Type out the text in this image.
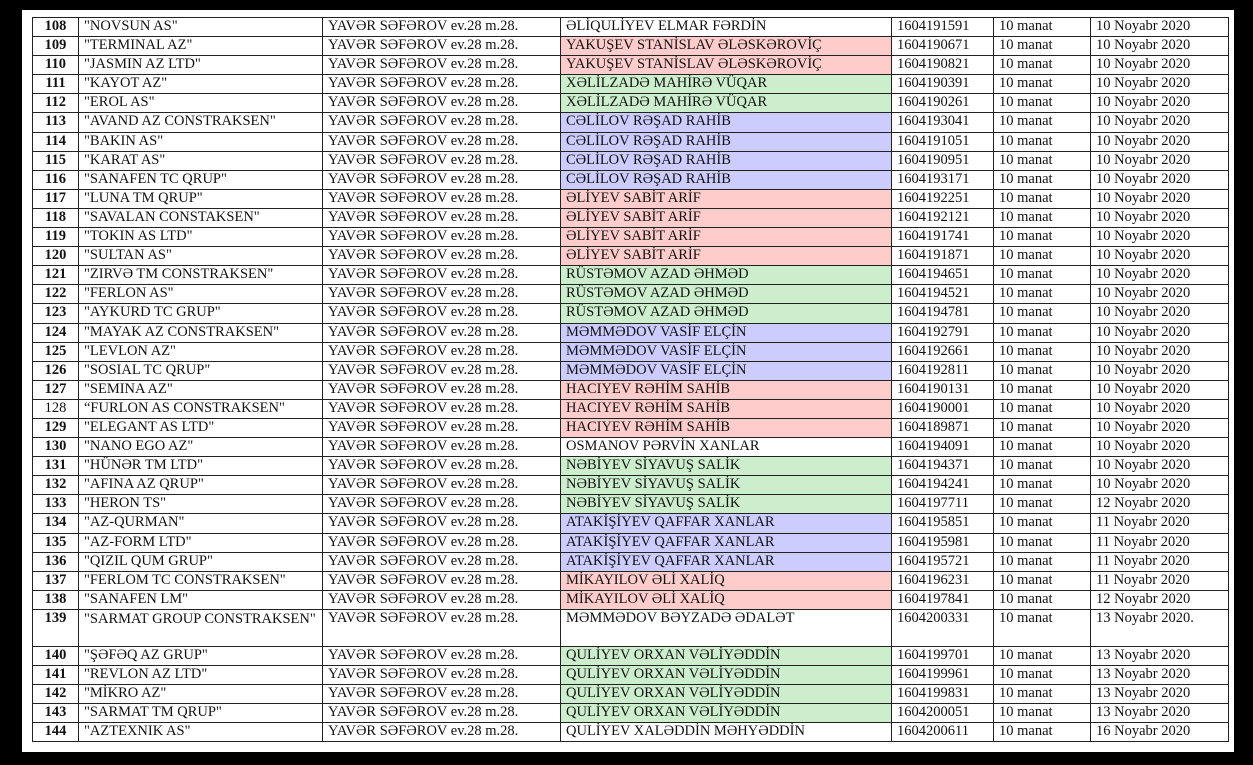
108	"NOVSUN AS"	YAVƏR SƏFƏROV ev.28 m.28.	ƏLİQULİYEV ELMAR FƏRDİN	1604191591	10 manat	10 Noyabr 2020
109	"TERMINAL AZ"	YAVƏR SƏFƏROV ev.28 m.28.	YAKUŞEV STANİSLAV ƏLƏSKƏROVİÇ	1604190671	10 manat	10 Noyabr 2020
110	"JASMIN AZ LTD"	YAVƏR SƏFƏROV ev.28 m.28.	YAKUŞEV STANİSLAV ƏLƏSKƏROVİÇ	1604190821	10 manat	10 Noyabr 2020
111	"KAYOT AZ"	YAVƏR SƏFƏROV ev.28 m.28.	XƏLİLZADƏ MAHİRƏ VÜQAR	1604190391	10 manat	10 Noyabr 2020
112	"EROL AS"	YAVƏR SƏFƏROV ev.28 m.28.	XƏLİLZADƏ MAHİRƏ VÜQAR	1604190261	10 manat	10 Noyabr 2020
113	"AVAND AZ CONSTRAKSEN"	YAVƏR SƏFƏROV ev.28 m.28.	CƏLİLOV RƏŞAD RAHİB	1604193041	10 manat	10 Noyabr 2020
114	"BAKIN AS"	YAVƏR SƏFƏROV ev.28 m.28.	CƏLİLOV RƏŞAD RAHİB	1604191051	10 manat	10 Noyabr 2020
115	"KARAT AS"	YAVƏR SƏFƏROV ev.28 m.28.	CƏLİLOV RƏŞAD RAHİB	1604190951	10 manat	10 Noyabr 2020
116	"SANAFEN TC QRUP"	YAVƏR SƏFƏROV ev.28 m.28.	CƏLİLOV RƏŞAD RAHİB	1604193171	10 manat	10 Noyabr 2020
117	"LUNA TM QRUP"	YAVƏR SƏFƏROV ev.28 m.28.	ƏLİYEV SABİT ARİF	1604192251	10 manat	10 Noyabr 2020
118	"SAVALAN CONSTAKSEN"	YAVƏR SƏFƏROV ev.28 m.28.	ƏLİYEV SABİT ARİF	1604192121	10 manat	10 Noyabr 2020
119	"TOKIN AS LTD"	YAVƏR SƏFƏROV ev.28 m.28.	ƏLİYEV SABİT ARİF	1604191741	10 manat	10 Noyabr 2020
120	"SULTAN AS"	YAVƏR SƏFƏROV ev.28 m.28.	ƏLİYEV SABİT ARİF	1604191871	10 manat	10 Noyabr 2020
121	"ZIRVƏ TM CONSTRAKSEN"	YAVƏR SƏFƏROV ev.28 m.28.	RÜSTƏMOV AZAD ƏHMƏD	1604194651	10 manat	10 Noyabr 2020
122	"FERLON AS"	YAVƏR SƏFƏROV ev.28 m.28.	RÜSTƏMOV AZAD ƏHMƏD	1604194521	10 manat	10 Noyabr 2020
123	"AYKURD TC GRUP"	YAVƏR SƏFƏROV ev.28 m.28.	RÜSTƏMOV AZAD ƏHMƏD	1604194781	10 manat	10 Noyabr 2020
124	"MAYAK AZ CONSTRAKSEN"	YAVƏR SƏFƏROV ev.28 m.28.	MƏMMƏDOV VASİF ELÇİN	1604192791	10 manat	10 Noyabr 2020
125	"LEVLON AZ"	YAVƏR SƏFƏROV ev.28 m.28.	MƏMMƏDOV VASİF ELÇİN	1604192661	10 manat	10 Noyabr 2020
126	"SOSIAL TC QRUP"	YAVƏR SƏFƏROV ev.28 m.28.	MƏMMƏDOV VASİF ELÇİN	1604192811	10 manat	10 Noyabr 2020
127	"SEMINA AZ"	YAVƏR SƏFƏROV ev.28 m.28.	HACIYEV RƏHİM SAHİB	1604190131	10 manat	10 Noyabr 2020
128	“FURLON AS CONSTRAKSEN"	YAVƏR SƏFƏROV ev.28 m.28.	HACIYEV RƏHİM SAHİB	1604190001	10 manat	10 Noyabr 2020
129	"ELEGANT AS LTD"	YAVƏR SƏFƏROV ev.28 m.28.	HACIYEV RƏHİM SAHİB	1604189871	10 manat	10 Noyabr 2020
130	"NANO EGO AZ"	YAVƏR SƏFƏROV ev.28 m.28.	OSMANOV PƏRVİN XANLAR	1604194091	10 manat	10 Noyabr 2020
131	"HÜNƏR TM LTD"	YAVƏR SƏFƏROV ev.28 m.28.	NƏBİYEV SİYAVUŞ SALİK	1604194371	10 manat	10 Noyabr 2020
132	"AFINA AZ QRUP"	YAVƏR SƏFƏROV ev.28 m.28.	NƏBİYEV SİYAVUŞ SALİK	1604194241	10 manat	10 Noyabr 2020
133	"HERON TS"	YAVƏR SƏFƏROV ev.28 m.28.	NƏBİYEV SİYAVUŞ SALİK	1604197711	10 manat	12 Noyabr 2020
134	"AZ-QURMAN"	YAVƏR SƏFƏROV ev.28 m.28.	ATAKİŞİYEV QAFFAR XANLAR	1604195851	10 manat	11 Noyabr 2020
135	"AZ-FORM LTD"	YAVƏR SƏFƏROV ev.28 m.28.	ATAKİŞİYEV QAFFAR XANLAR	1604195981	10 manat	11 Noyabr 2020
136	"QIZIL QUM GRUP"	YAVƏR SƏFƏROV ev.28 m.28.	ATAKİŞİYEV QAFFAR XANLAR	1604195721	10 manat	11 Noyabr 2020
137	"FERLOM TC CONSTRAKSEN"	YAVƏR SƏFƏROV ev.28 m.28.	MİKAYILOV ƏLİ XALİQ	1604196231	10 manat	11 Noyabr 2020
138	"SANAFEN LM"	YAVƏR SƏFƏROV ev.28 m.28.	MİKAYILOV ƏLİ XALİQ	1604197841	10 manat	12 Noyabr 2020
139	"SARMAT GROUP CONSTRAKSEN"	YAVƏR SƏFƏROV ev.28 m.28.	MƏMMƏDOV BƏYZADƏ ƏDALƏT	1604200331	10 manat	13 Noyabr 2020.
140	"ŞƏFƏQ AZ GRUP"	YAVƏR SƏFƏROV ev.28 m.28.	QULİYEV ORXAN VƏLİYƏDDİN	1604199701	10 manat	13 Noyabr 2020
141	"REVLON AZ LTD"	YAVƏR SƏFƏROV ev.28 m.28.	QULİYEV ORXAN VƏLİYƏDDİN	1604199961	10 manat	13 Noyabr 2020
142	"MİKRO AZ"	YAVƏR SƏFƏROV ev.28 m.28.	QULİYEV ORXAN VƏLİYƏDDİN	1604199831	10 manat	13 Noyabr 2020
143	"SARMAT TM QRUP"	YAVƏR SƏFƏROV ev.28 m.28.	QULİYEV ORXAN VƏLİYƏDDİN	1604200051	10 manat	13 Noyabr 2020
144	"AZTEXNIK AS"	YAVƏR SƏFƏROV ev.28 m.28.	QULİYEV XALƏDDİN MƏHYƏDDİN	1604200611	10 manat	16 Noyabr 2020
